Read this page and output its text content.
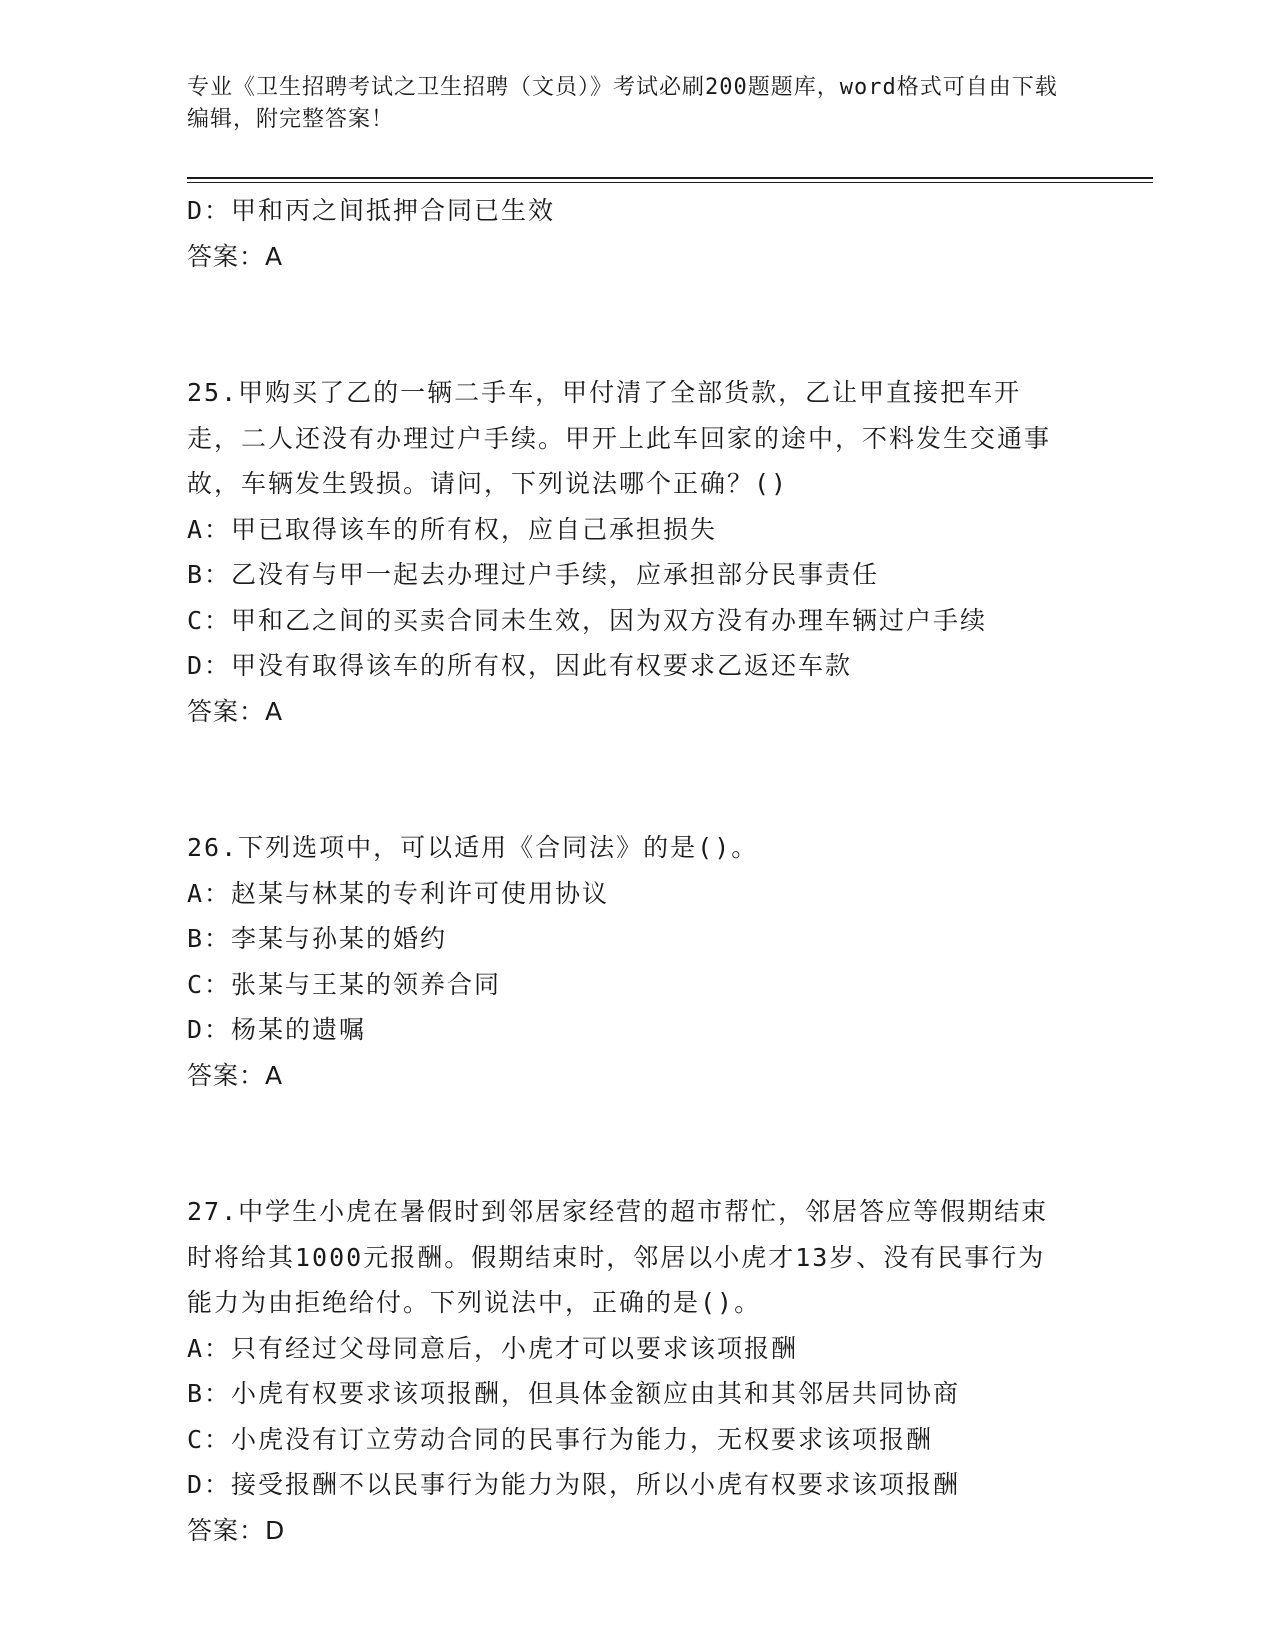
专业《卫生招聘考试之卫生招聘（文员）》考试必刷200题题库，word格式可自由下载编辑，附完整答案！
D：甲和丙之间抵押合同已生效
答案：A
25.甲购买了乙的一辆二手车，甲付清了全部货款，乙让甲直接把车开走，二人还没有办理过户手续。甲开上此车回家的途中，不料发生交通事故，车辆发生毁损。请问，下列说法哪个正确？()
A：甲已取得该车的所有权，应自己承担损失
B：乙没有与甲一起去办理过户手续，应承担部分民事责任
C：甲和乙之间的买卖合同未生效，因为双方没有办理车辆过户手续
D：甲没有取得该车的所有权，因此有权要求乙返还车款
答案：A
26.下列选项中，可以适用《合同法》的是()。
A：赵某与林某的专利许可使用协议
B：李某与孙某的婚约
C：张某与王某的领养合同
D：杨某的遗嘱
答案：A
27.中学生小虎在暑假时到邻居家经营的超市帮忙，邻居答应等假期结束时将给其1000元报酬。假期结束时，邻居以小虎才13岁、没有民事行为能力为由拒绝给付。下列说法中，正确的是()。
A：只有经过父母同意后，小虎才可以要求该项报酬
B：小虎有权要求该项报酬，但具体金额应由其和其邻居共同协商
C：小虎没有订立劳动合同的民事行为能力，无权要求该项报酬
D：接受报酬不以民事行为能力为限，所以小虎有权要求该项报酬
答案：D
